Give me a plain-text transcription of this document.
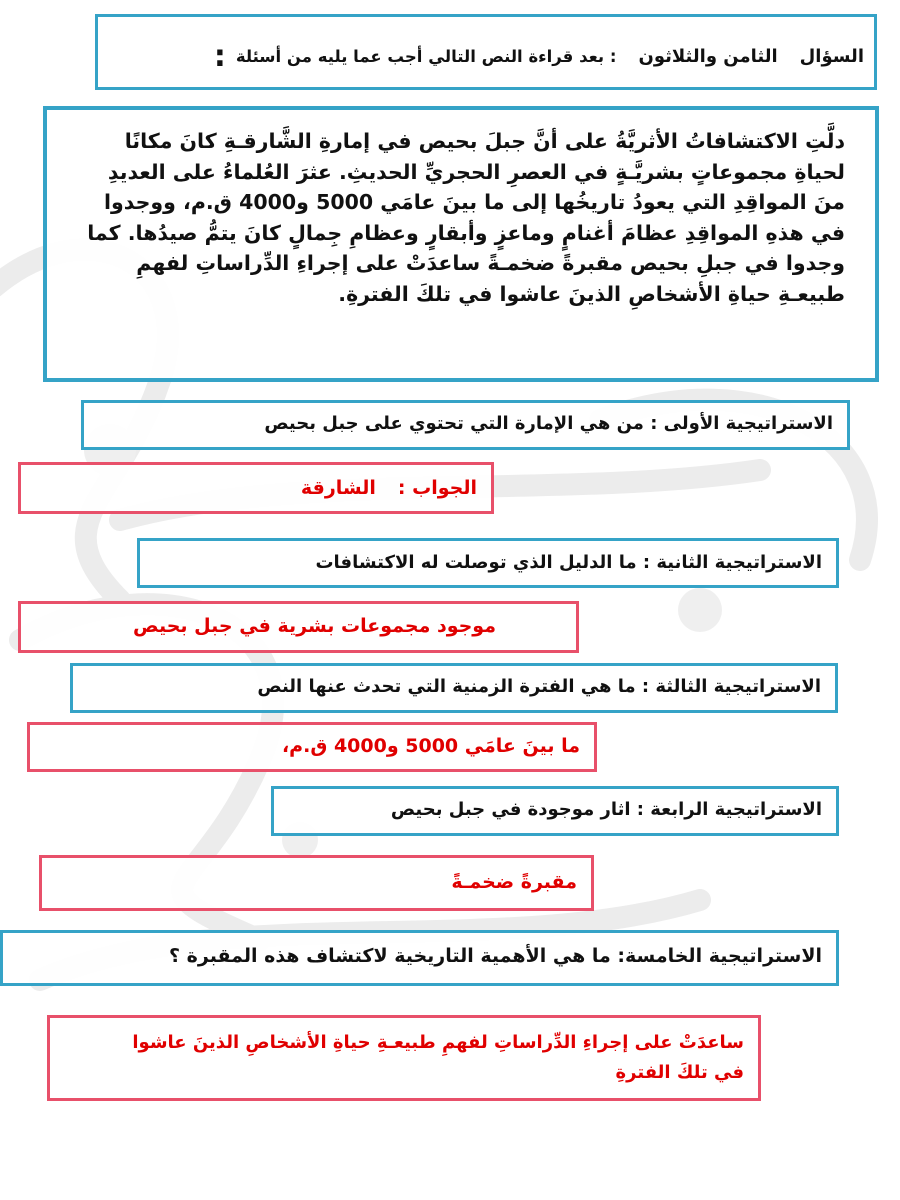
السؤالالثامن والثلاثون: بعد قراءة النص التالي أجب عما يليه من أسئلة:

دلَّتِ الاكتشافاتُ الأثريَّةُ على أنَّ جبلَ بحيص في إمارةِ الشَّارقـةِ كانَ مكانًا

لحياةِ مجموعاتٍ بشريَّـةٍ في العصرِ الحجريِّ الحديثِ. عثرَ العُلماءُ على العديدِ

منَ المواقِدِ التي يعودُ تاريخُها إلى ما بينَ عامَي 5000 و4000 ق.م، ووجدوا

في هذهِ المواقِدِ عظامَ أغنامٍ وماعزٍ وأبقارٍ وعظامِ جِمالٍ كانَ يتمُّ صيدُها. كما

وجدوا في جبلِ بحيص مقبرةً ضخمـةً ساعدَتْ على إجراءِ الدِّراساتِ لفهمِ

طبيعـةِ حياةِ الأشخاصِ الذينَ عاشوا في تلكَ الفترةِ.

الاستراتيجية الأولى : من هي الإمارة التي تحتوي على جبل بحيص
الجواب :الشارقة
الاستراتيجية الثانية : ما الدليل الذي توصلت له الاكتشافات
موجود مجموعات بشرية في جبل بحيص
الاستراتيجية الثالثة : ما هي الفترة الزمنية التي تحدث عنها النص
ما بينَ عامَي 5000 و4000 ق.م،
الاستراتيجية الرابعة : اثار موجودة في جبل بحيص
مقبرةً ضخمـةً
الاستراتيجية الخامسة: ما هي الأهمية التاريخية لاكتشاف هذه المقبرة ؟
ساعدَتْ على إجراءِ الدِّراساتِ لفهمِ طبيعـةِ حياةِ الأشخاصِ الذينَ عاشوا
في تلكَ الفترةِ
